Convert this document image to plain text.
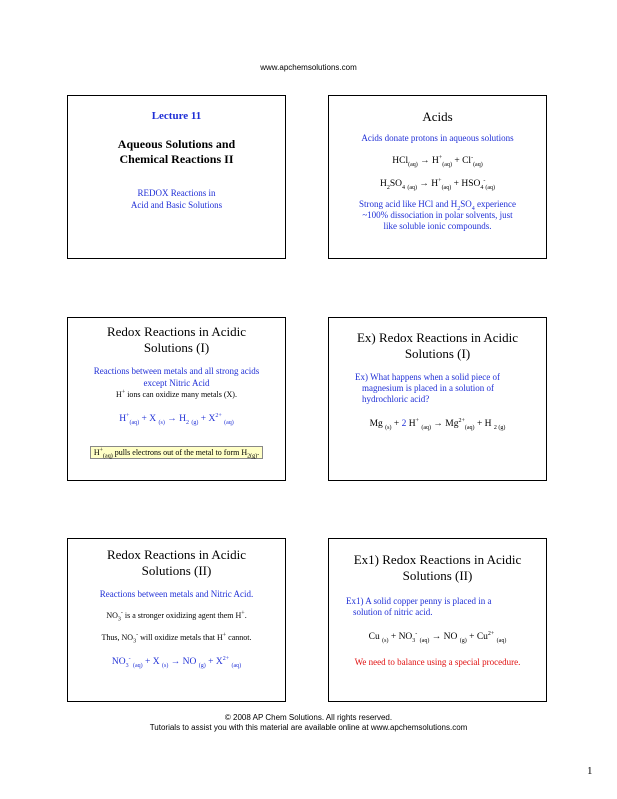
www.apchemsolutions.com
Lecture 11
Aqueous Solutions and
Chemical Reactions II
REDOX Reactions in
Acid and Basic Solutions
Acids
Acids donate protons in aqueous solutions
$HCl_{(aq)} \to H^+_{(aq)} + Cl^-_{(aq)}$
$H_2SO_4$ $_{(aq)} \to H^+_{(aq)} + HSO_4^-_{(aq)}$
Strong acid like HCl and $H_2SO_4$ experience
~100% dissociation in polar solvents, just
like soluble ionic compounds.
Redox Reactions in Acidic
Solutions (I)
Reactions between metals and all strong acids
except Nitric Acid
H+ ions can oxidize many metals (X).
$H^+_{(aq)} + X$ $_{(s)} \to H_2$ $_{(g)} + X^{2+}$ $_{(aq)}$
$H^+_{(aq)}$ pulls electrons out of the metal to form $H_{2(g)}$.
Ex) Redox Reactions in Acidic
Solutions (I)
Ex) What happens when a solid piece of
magnesium is placed in a solution of
hydrochloric acid?
Mg $_{(s)}$ + 2 H+ $_{(aq)} \to Mg^{2+}_{(aq)} + H$ $_{2 (g)}$
Redox Reactions in Acidic
Solutions (II)
Reactions between metals and Nitric Acid.
$NO_3^-$ is a stronger oxidizing agent them H+.
Thus, $NO_3^-$ will oxidize metals that H+ cannot.
$NO_3^-$ $_{(aq)}$ + X $_{(s)}$ → NO $_{(g)} + X^{2+}$ $_{(aq)}$
Ex1) Redox Reactions in Acidic
Solutions (II)
Ex1) A solid copper penny is placed in a
solution of nitric acid.
Cu $_{(s)} + NO_3^-$ $_{(aq)}$ → NO $_{(g)} + Cu^{2+}$ $_{(aq)}$
We need to balance using a special procedure.
© 2008 AP Chem Solutions. All rights reserved.
Tutorials to assist you with this material are available online at www.apchemsolutions.com
1
